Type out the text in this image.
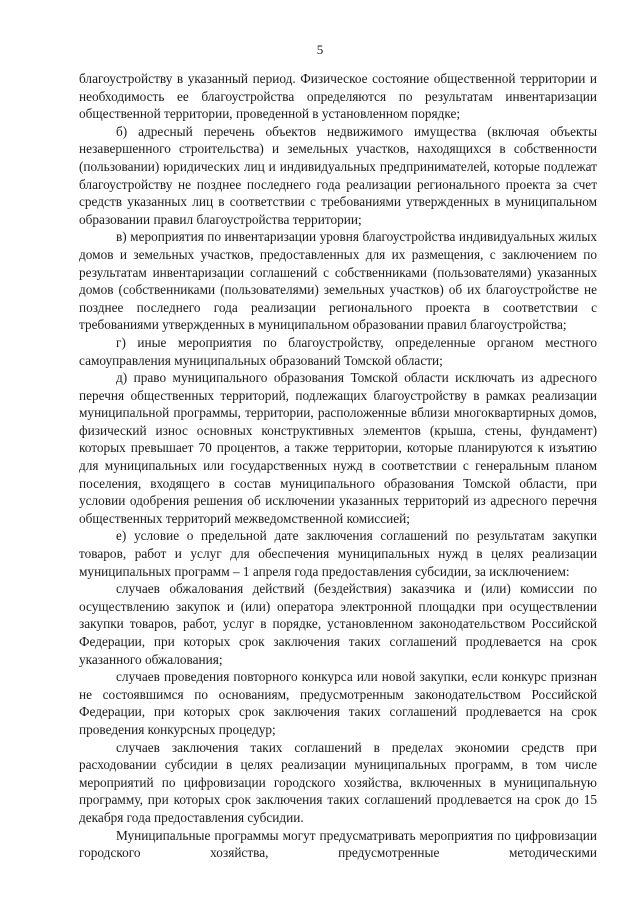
5

благоустройству в указанный период. Физическое состояние общественной территории и необходимость ее благоустройства определяются по результатам инвентаризации общественной территории, проведенной в установленном порядке;

б) адресный перечень объектов недвижимого имущества (включая объекты незавершенного строительства) и земельных участков, находящихся в собственности (пользовании) юридических лиц и индивидуальных предпринимателей, которые подлежат благоустройству не позднее последнего года реализации регионального проекта за счет средств указанных лиц в соответствии с требованиями утвержденных в муниципальном образовании правил благоустройства территории;

в) мероприятия по инвентаризации уровня благоустройства индивидуальных жилых домов и земельных участков, предоставленных для их размещения, с заключением по результатам инвентаризации соглашений с собственниками (пользователями) указанных домов (собственниками (пользователями) земельных участков) об их благоустройстве не позднее последнего года реализации регионального проекта в соответствии с требованиями утвержденных в муниципальном образовании правил благоустройства;

г) иные мероприятия по благоустройству, определенные органом местного самоуправления муниципальных образований Томской области;

д) право муниципального образования Томской области исключать из адресного перечня общественных территорий, подлежащих благоустройству в рамках реализации муниципальной программы, территории, расположенные вблизи многоквартирных домов, физический износ основных конструктивных элементов (крыша, стены, фундамент) которых превышает 70 процентов, а также территории, которые планируются к изъятию для муниципальных или государственных нужд в соответствии с генеральным планом поселения, входящего в состав муниципального образования Томской области, при условии одобрения решения об исключении указанных территорий из адресного перечня общественных территорий межведомственной комиссией;

е) условие о предельной дате заключения соглашений по результатам закупки товаров, работ и услуг для обеспечения муниципальных нужд в целях реализации муниципальных программ – 1 апреля года предоставления субсидии, за исключением:

случаев обжалования действий (бездействия) заказчика и (или) комиссии по осуществлению закупок и (или) оператора электронной площадки при осуществлении закупки товаров, работ, услуг в порядке, установленном законодательством Российской Федерации, при которых срок заключения таких соглашений продлевается на срок указанного обжалования;

случаев проведения повторного конкурса или новой закупки, если конкурс признан не состоявшимся по основаниям, предусмотренным законодательством Российской Федерации, при которых срок заключения таких соглашений продлевается на срок проведения конкурсных процедур;

случаев заключения таких соглашений в пределах экономии средств при расходовании субсидии в целях реализации муниципальных программ, в том числе мероприятий по цифровизации городского хозяйства, включенных в муниципальную программу, при которых срок заключения таких соглашений продлевается на срок до 15 декабря года предоставления субсидии.

Муниципальные программы могут предусматривать мероприятия по цифровизации городского хозяйства, предусмотренные методическими
